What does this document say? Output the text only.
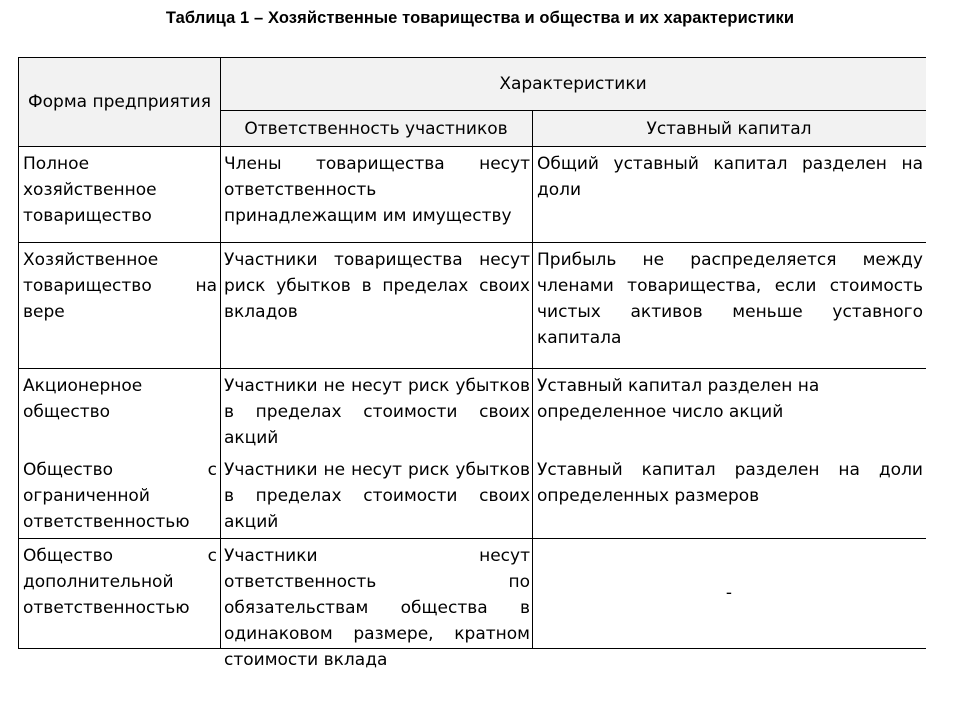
Таблица 1 – Хозяйственные товарищества и общества и их характеристики
Форма предприятия
Характеристики
Ответственность участников	Уставный капитал
Полное хозяйственное товарищество
Члены товарищества несут ответственность принадлежащим им имуществу
Общий уставный капитал разделен на доли
Хозяйственное товарищество на вере
Участники товарищества несут риск убытков в пределах своих вкладов
Прибыль не распределяется между членами товарищества, если стоимость чистых активов меньше уставного капитала
Акционерное общество
Участники не несут риск убытков в пределах стоимости своих акций
Уставный капитал разделен на определенное число акций
Общество с ограниченной ответственностью
Участники не несут риск убытков в пределах стоимости своих акций
Уставный капитал разделен на доли определенных размеров
Общество с дополнительной ответственностью
Участники несут ответственность по обязательствам общества в одинаковом размере, кратном стоимости вклада
-
